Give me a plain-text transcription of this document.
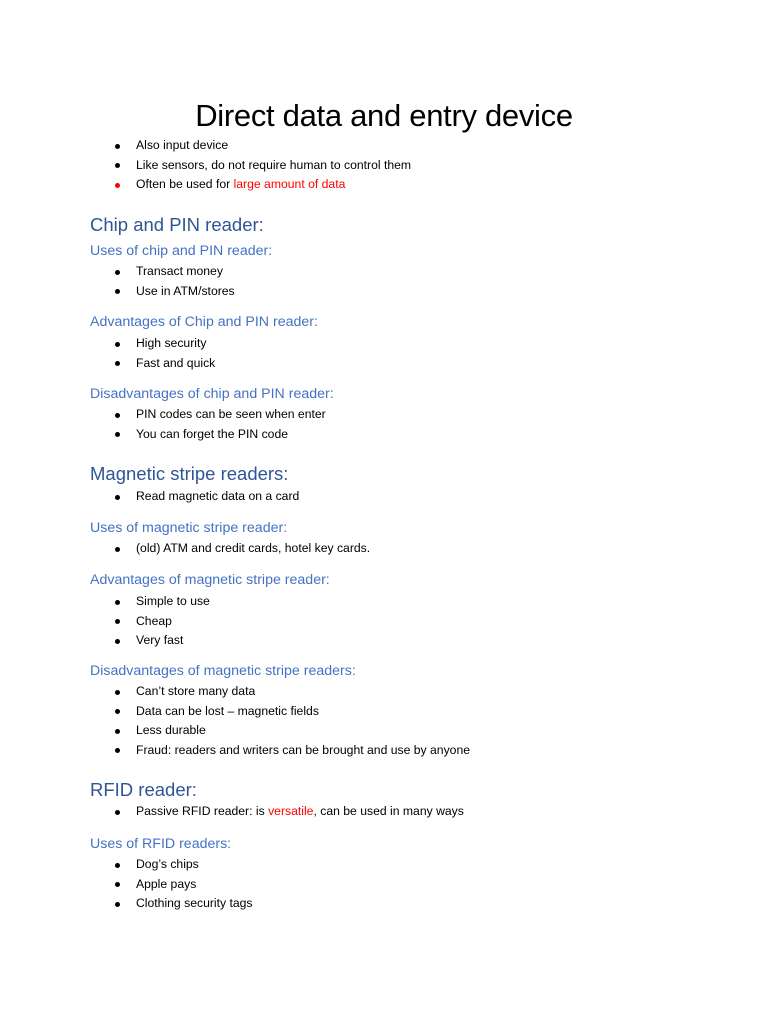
Direct data and entry device
Also input device
Like sensors, do not require human to control them
Often be used for large amount of data
Chip and PIN reader:
Uses of chip and PIN reader:
Transact money
Use in ATM/stores
Advantages of Chip and PIN reader:
High security
Fast and quick
Disadvantages of chip and PIN reader:
PIN codes can be seen when enter
You can forget the PIN code
Magnetic stripe readers:
Read magnetic data on a card
Uses of magnetic stripe reader:
(old) ATM and credit cards, hotel key cards.
Advantages of magnetic stripe reader:
Simple to use
Cheap
Very fast
Disadvantages of magnetic stripe readers:
Can’t store many data
Data can be lost – magnetic fields
Less durable
Fraud: readers and writers can be brought and use by anyone
RFID reader:
Passive RFID reader: is versatile, can be used in many ways
Uses of RFID readers:
Dog’s chips
Apple pays
Clothing security tags
